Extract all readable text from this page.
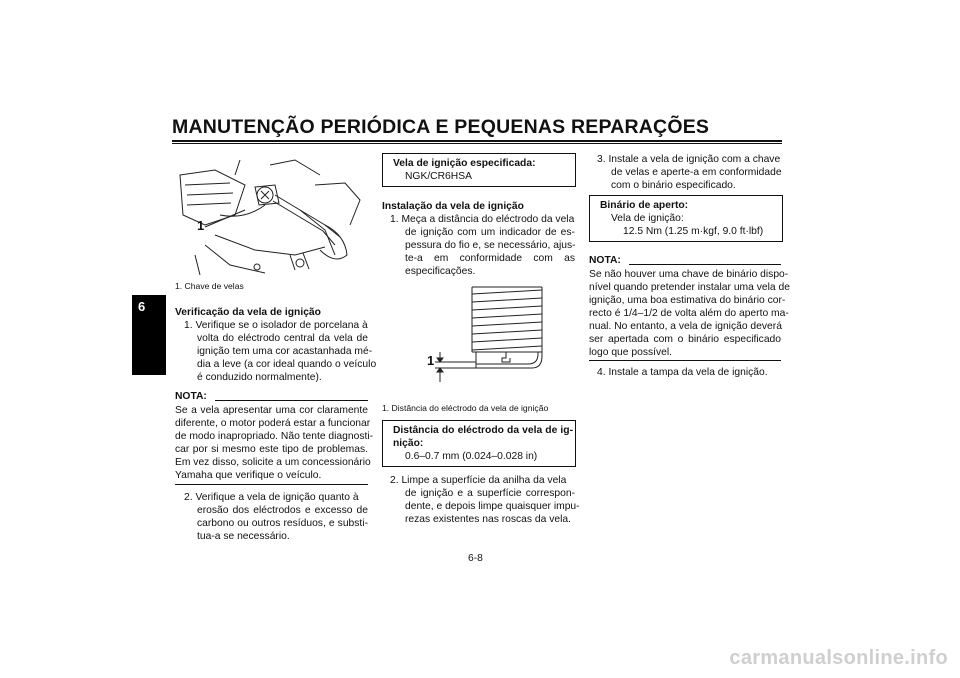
MANUTENÇÃO PERIÓDICA E PEQUENAS REPARAÇÕES
6
1
1. Chave de velas
Verificação da vela de ignição
1. Verifique se o isolador de porcelana à
volta do eléctrodo central da vela de
ignição tem uma cor acastanhada mé-
dia a leve (a cor ideal quando o veículo
é conduzido normalmente).
NOTA:
Se a vela apresentar uma cor claramente
diferente, o motor poderá estar a funcionar
de modo inapropriado. Não tente diagnosti-
car por si mesmo este tipo de problemas.
Em vez disso, solicite a um concessionário
Yamaha que verifique o veículo.
2. Verifique a vela de ignição quanto à
erosão dos eléctrodos e excesso de
carbono ou outros resíduos, e substi-
tua-a se necessário.
Vela de ignição especificada:
NGK/CR6HSA
Instalação da vela de ignição
1. Meça a distância do eléctrodo da vela
de ignição com um indicador de es-
pessura do fio e, se necessário, ajus-
te-a em conformidade com as
especificações.
1
1. Distância do eléctrodo da vela de ignição
Distância do eléctrodo da vela de ig-
nição:
0.6–0.7 mm (0.024–0.028 in)
2. Limpe a superfície da anilha da vela
de ignição e a superfície correspon-
dente, e depois limpe quaisquer impu-
rezas existentes nas roscas da vela.
3. Instale a vela de ignição com a chave
de velas e aperte-a em conformidade
com o binário especificado.
Binário de aperto:
Vela de ignição:
12.5 Nm (1.25 m·kgf, 9.0 ft·lbf)
NOTA:
Se não houver uma chave de binário dispo-
nível quando pretender instalar uma vela de
ignição, uma boa estimativa do binário cor-
recto é 1/4–1/2 de volta além do aperto ma-
nual. No entanto, a vela de ignição deverá
ser apertada com o binário especificado
logo que possível.
4. Instale a tampa da vela de ignição.
6-8
carmanualsonline.info
